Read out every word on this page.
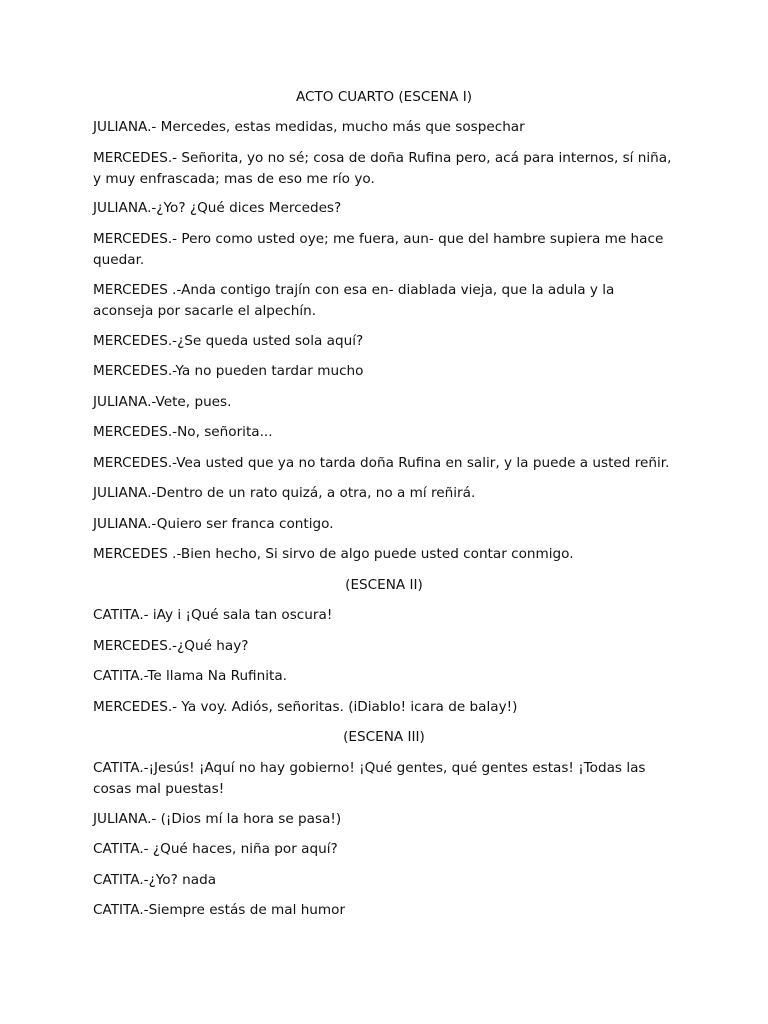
ACTO CUARTO (ESCENA I)

JULIANA.- Mercedes, estas medidas, mucho más que sospechar

MERCEDES.- Señorita, yo no sé; cosa de doña Rufina pero, acá para internos, sí niña, y muy enfrascada; mas de eso me río yo.

JULIANA.-¿Yo? ¿Qué dices Mercedes?

MERCEDES.- Pero como usted oye; me fuera, aun- que del hambre supiera me hace quedar.

MERCEDES .-Anda contigo trajín con esa en- diablada vieja, que la adula y la aconseja por sacarle el alpechín.

MERCEDES.-¿Se queda usted sola aquí?

MERCEDES.-Ya no pueden tardar mucho

JULIANA.-Vete, pues.

MERCEDES.-No, señorita...

MERCEDES.-Vea usted que ya no tarda doña Rufina en salir, y la puede a usted reñir.

JULIANA.-Dentro de un rato quizá, a otra, no a mí reñirá.

JULIANA.-Quiero ser franca contigo.

MERCEDES .-Bien hecho, Si sirvo de algo puede usted contar conmigo.

(ESCENA II)

CATITA.- iAy i ¡Qué sala tan oscura!

MERCEDES.-¿Qué hay?

CATITA.-Te llama Na Rufinita.

MERCEDES.- Ya voy. Adiós, señoritas. (iDiablo! icara de balay!)

(ESCENA III)

CATITA.-¡Jesús! ¡Aquí no hay gobierno! ¡Qué gentes, qué gentes estas! ¡Todas las cosas mal puestas!

JULIANA.- (¡Dios mí la hora se pasa!)

CATITA.- ¿Qué haces, niña por aquí?

CATITA.-¿Yo? nada

CATITA.-Siempre estás de mal humor
